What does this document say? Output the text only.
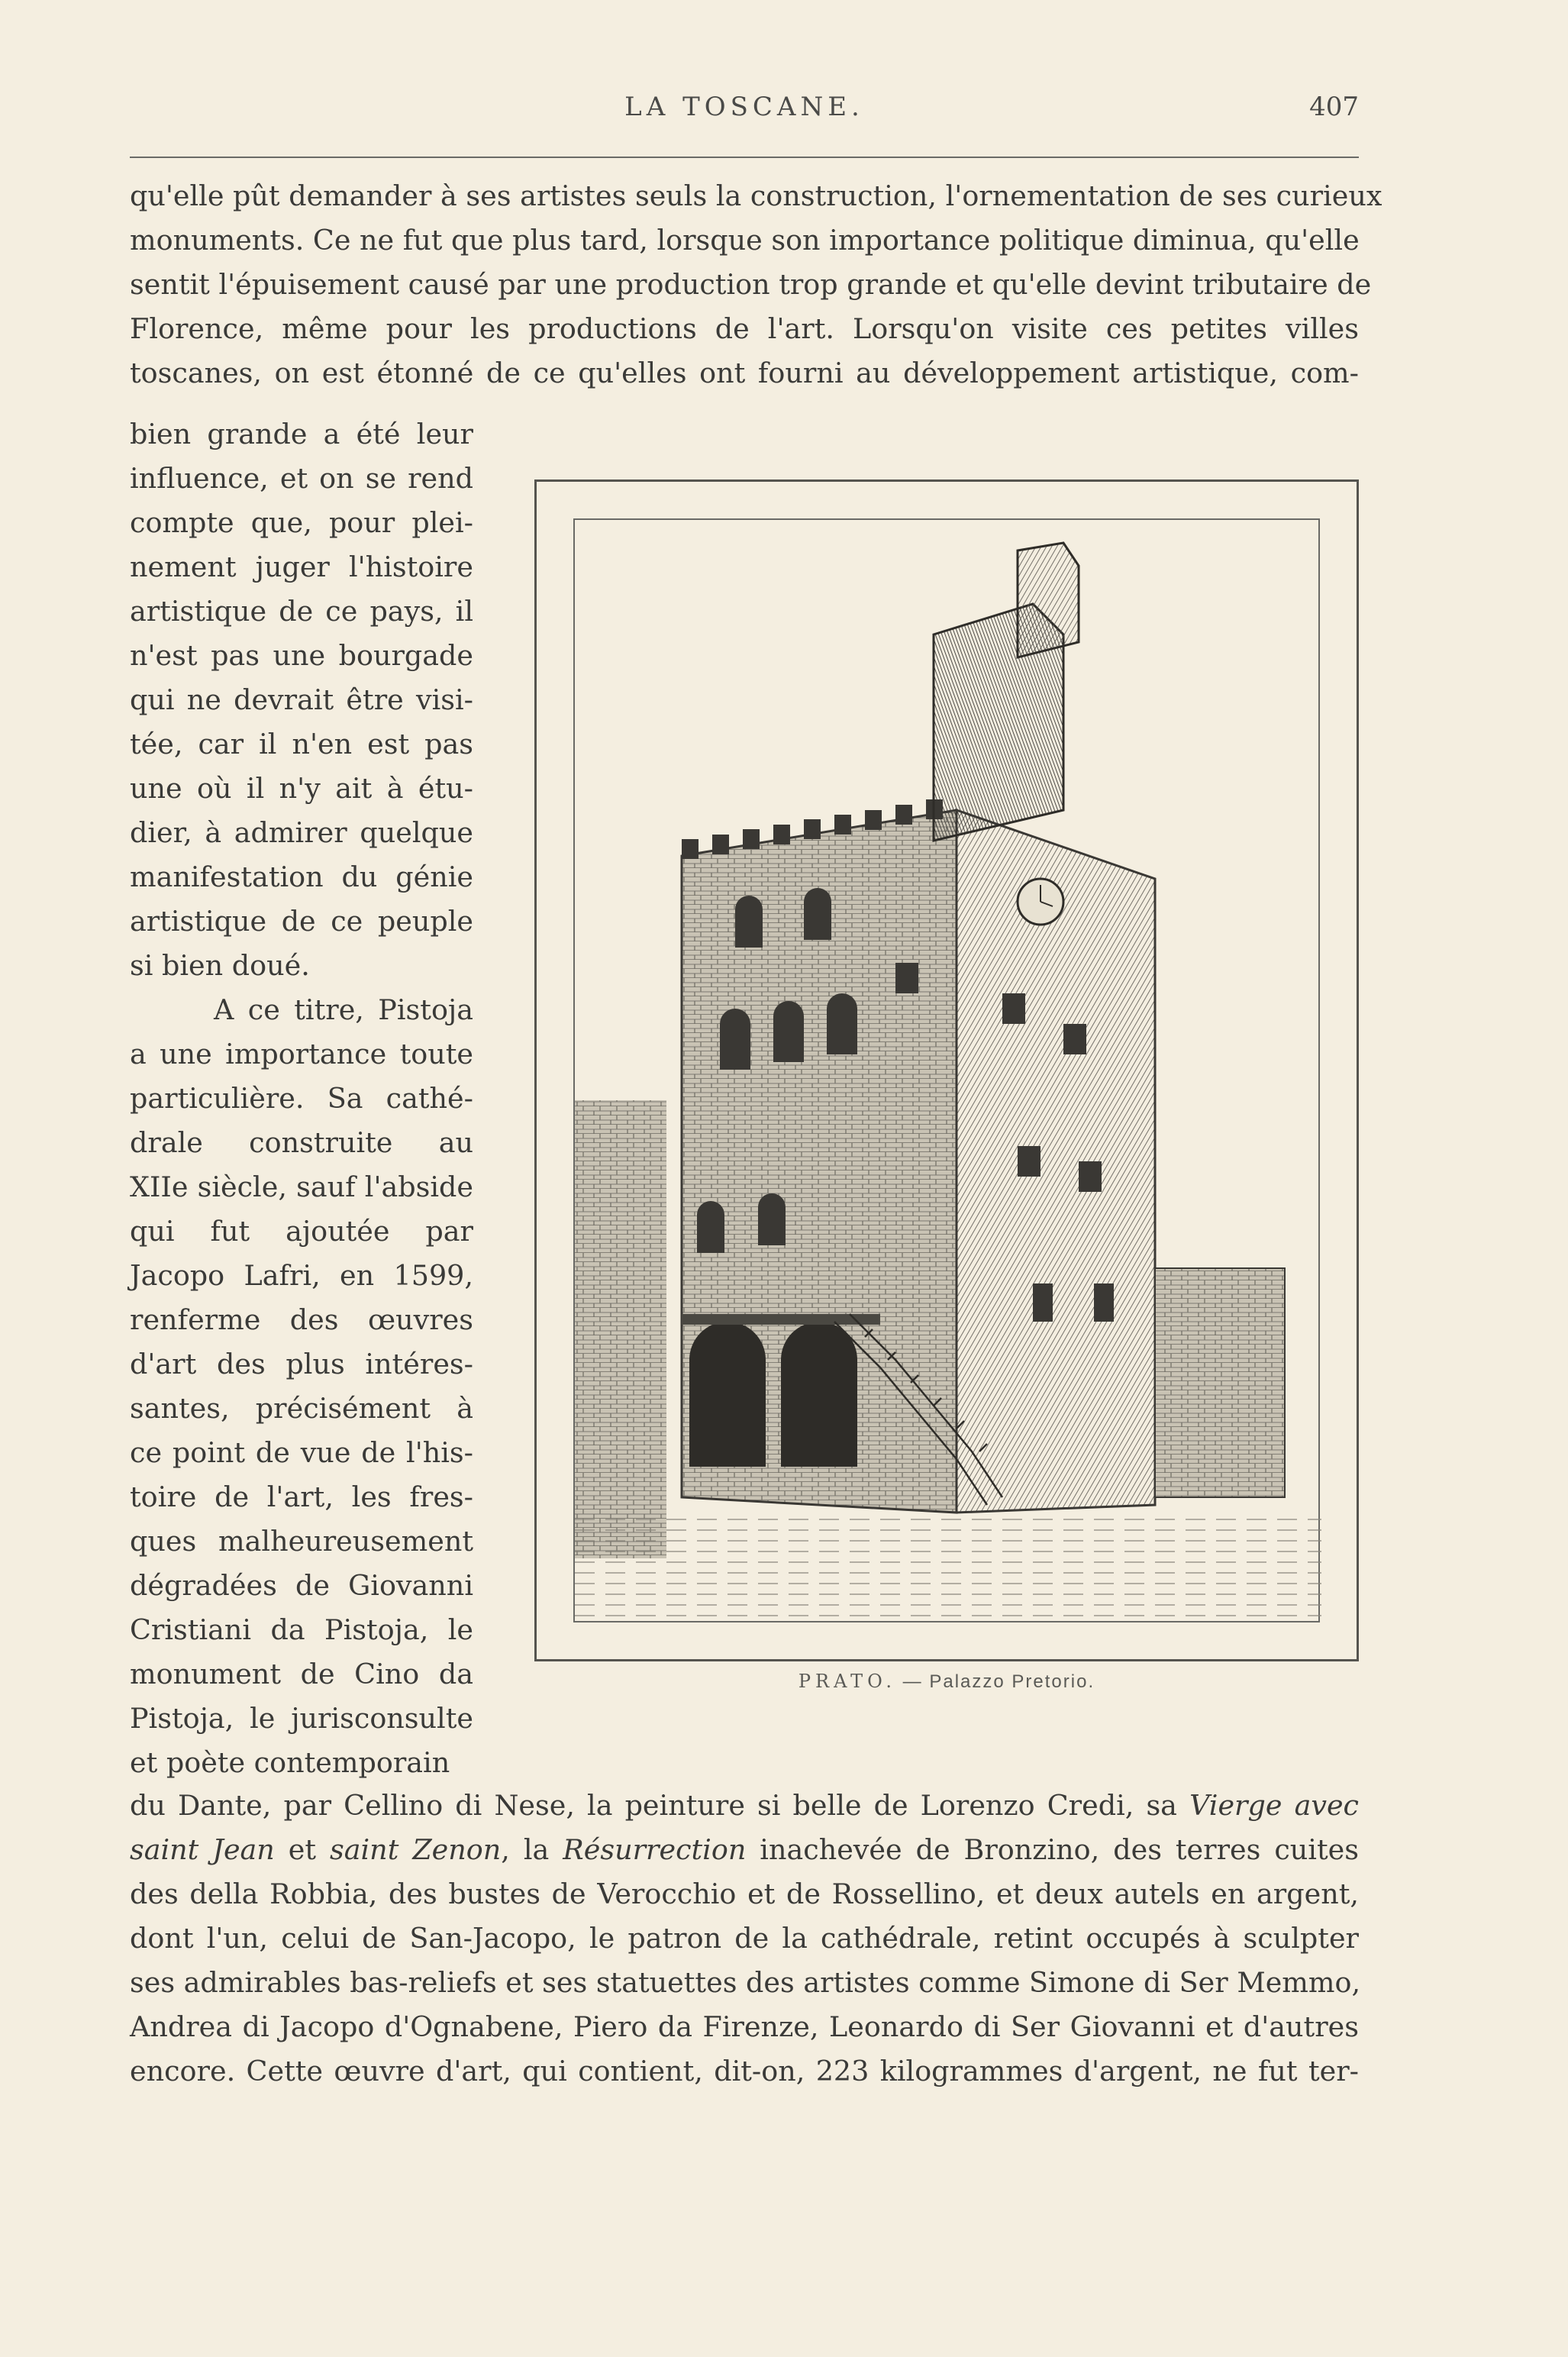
LA TOSCANE.	407
qu'elle pût demander à ses artistes seuls la construction, l'ornementation de ses curieux
monuments. Ce ne fut que plus tard, lorsque son importance politique diminua, qu'elle
sentit l'épuisement causé par une production trop grande et qu'elle devint tributaire de
Florence, même pour les productions de l'art. Lorsqu'on visite ces petites villes
toscanes, on est étonné de ce qu'elles ont fourni au développement artistique, com-
bien grande a été leur
influence, et on se rend
compte que, pour plei-
nement juger l'histoire
artistique de ce pays, il
n'est pas une bourgade
qui ne devrait être visi-
tée, car il n'en est pas
une où il n'y ait à étu-
dier, à admirer quelque
manifestation du génie
artistique de ce peuple
si bien doué.
A ce titre, Pistoja
a une importance toute
particulière. Sa cathé-
drale construite au
XIIe siècle, sauf l'abside
qui fut ajoutée par
Jacopo Lafri, en 1599,
renferme des œuvres
d'art des plus intéres-
santes, précisément à
ce point de vue de l'his-
toire de l'art, les fres-
ques malheureusement
dégradées de Giovanni
Cristiani da Pistoja, le
monument de Cino da
Pistoja, le jurisconsulte
et poète contemporain
PRATO. — Palazzo Pretorio.
du Dante, par Cellino di Nese, la peinture si belle de Lorenzo Credi, sa Vierge avec
saint Jean et saint Zenon, la Résurrection inachevée de Bronzino, des terres cuites
des della Robbia, des bustes de Verocchio et de Rossellino, et deux autels en argent,
dont l'un, celui de San-Jacopo, le patron de la cathédrale, retint occupés à sculpter
ses admirables bas-reliefs et ses statuettes des artistes comme Simone di Ser Memmo,
Andrea di Jacopo d'Ognabene, Piero da Firenze, Leonardo di Ser Giovanni et d'autres
encore. Cette œuvre d'art, qui contient, dit-on, 223 kilogrammes d'argent, ne fut ter-
